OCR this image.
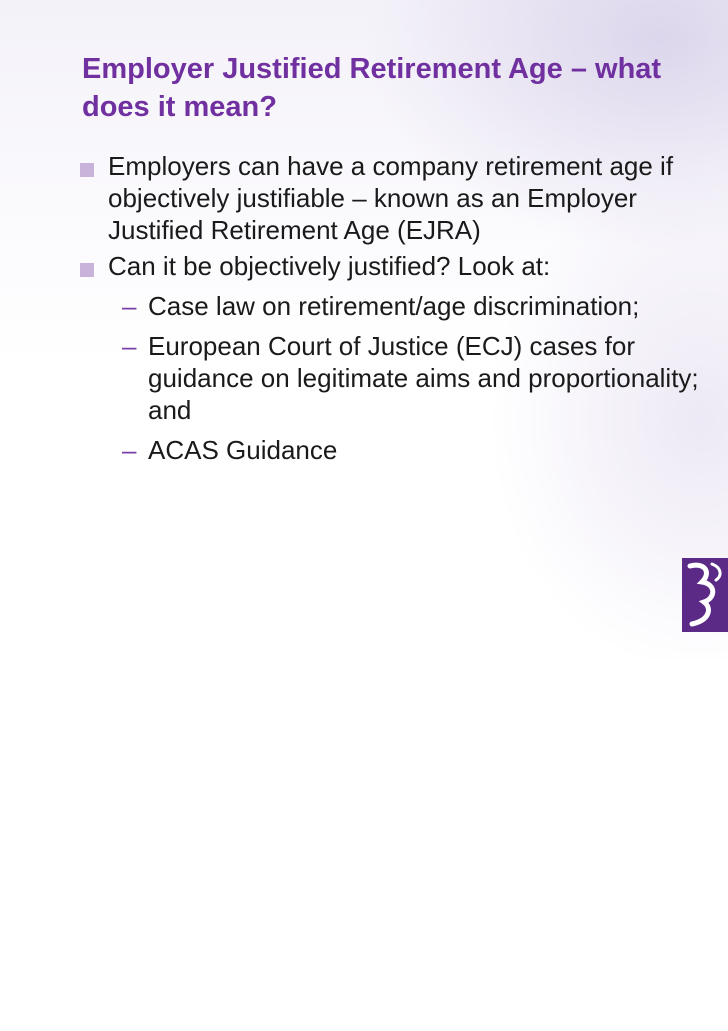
Employer Justified Retirement Age – what
does it mean?
Employers can have a company retirement age if
objectively justifiable – known as an Employer
Justified Retirement Age (EJRA)
Can it be objectively justified? Look at:
– Case law on retirement/age discrimination;
– European Court of Justice (ECJ) cases for
guidance on legitimate aims and proportionality;
and
– ACAS Guidance
